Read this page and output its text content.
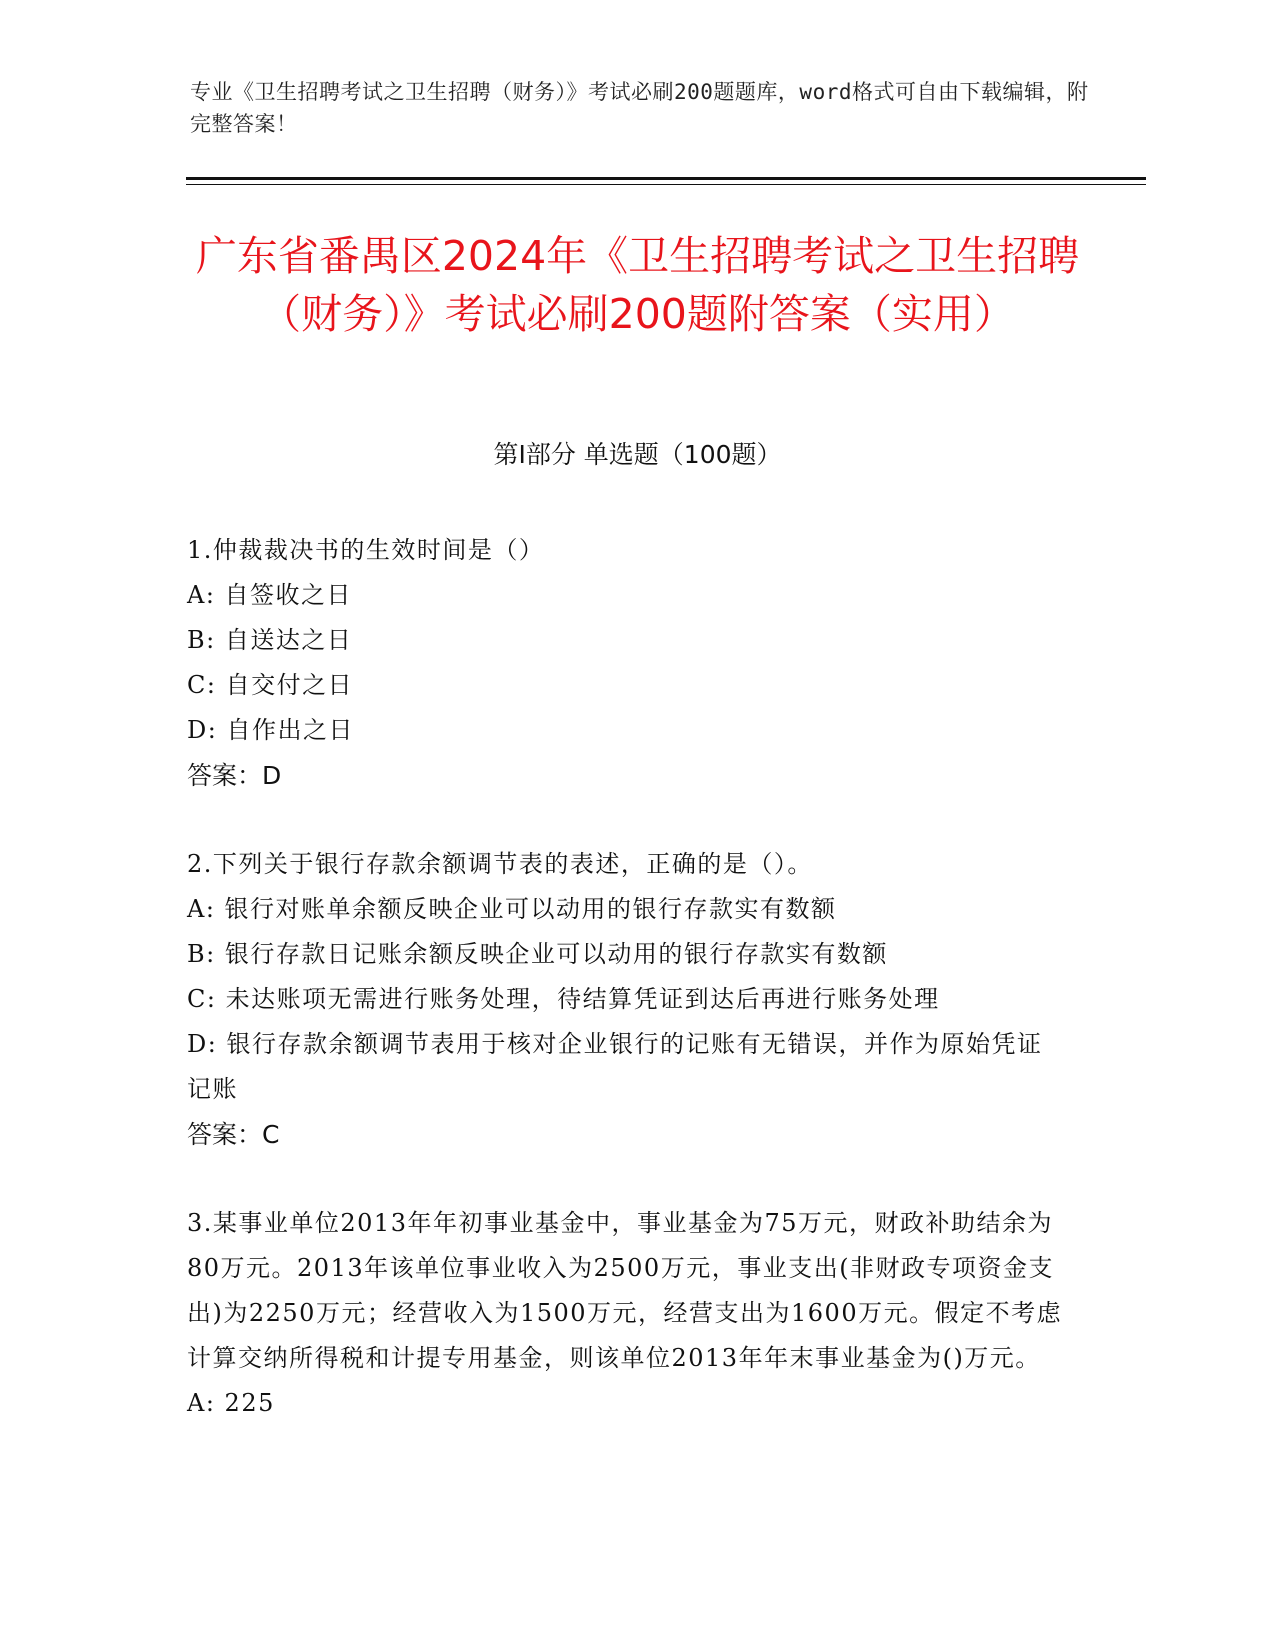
专业《卫生招聘考试之卫生招聘（财务）》考试必刷200题题库，word格式可自由下载编辑，附完整答案！
广东省番禺区2024年《卫生招聘考试之卫生招聘（财务）》考试必刷200题附答案（实用）
第I部分 单选题（100题）
1.仲裁裁决书的生效时间是（）
A: 自签收之日
B: 自送达之日
C: 自交付之日
D: 自作出之日
答案：D
2.下列关于银行存款余额调节表的表述，正确的是（）。
A: 银行对账单余额反映企业可以动用的银行存款实有数额
B: 银行存款日记账余额反映企业可以动用的银行存款实有数额
C: 未达账项无需进行账务处理，待结算凭证到达后再进行账务处理
D: 银行存款余额调节表用于核对企业银行的记账有无错误，并作为原始凭证记账
答案：C
3.某事业单位2013年年初事业基金中，事业基金为75万元，财政补助结余为80万元。2013年该单位事业收入为2500万元，事业支出(非财政专项资金支出)为2250万元；经营收入为1500万元，经营支出为1600万元。假定不考虑计算交纳所得税和计提专用基金，则该单位2013年年末事业基金为()万元。
A: 225
